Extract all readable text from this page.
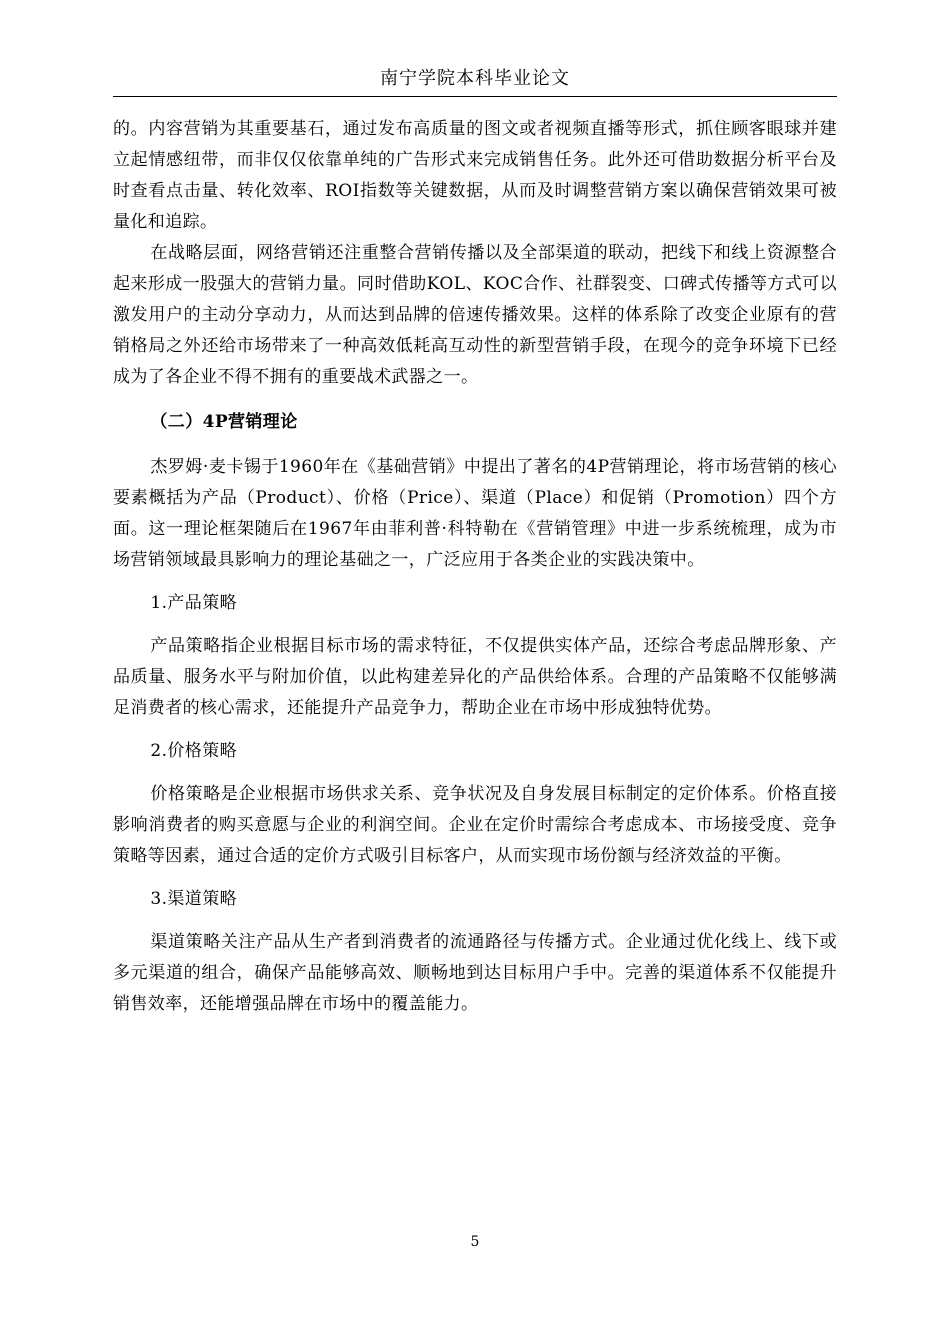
南宁学院本科毕业论文

的。内容营销为其重要基石，通过发布高质量的图文或者视频直播等形式，抓住顾客眼球并建立起情感纽带，而非仅仅依靠单纯的广告形式来完成销售任务。此外还可借助数据分析平台及时查看点击量、转化效率、ROI指数等关键数据，从而及时调整营销方案以确保营销效果可被量化和追踪。

在战略层面，网络营销还注重整合营销传播以及全部渠道的联动，把线下和线上资源整合起来形成一股强大的营销力量。同时借助KOL、KOC合作、社群裂变、口碑式传播等方式可以激发用户的主动分享动力，从而达到品牌的倍速传播效果。这样的体系除了改变企业原有的营销格局之外还给市场带来了一种高效低耗高互动性的新型营销手段，在现今的竞争环境下已经成为了各企业不得不拥有的重要战术武器之一。

（二）4P营销理论

杰罗姆·麦卡锡于1960年在《基础营销》中提出了著名的4P营销理论，将市场营销的核心要素概括为产品（Product）、价格（Price）、渠道（Place）和促销（Promotion）四个方面。这一理论框架随后在1967年由菲利普·科特勒在《营销管理》中进一步系统梳理，成为市场营销领域最具影响力的理论基础之一，广泛应用于各类企业的实践决策中。

1.产品策略

产品策略指企业根据目标市场的需求特征，不仅提供实体产品，还综合考虑品牌形象、产品质量、服务水平与附加价值，以此构建差异化的产品供给体系。合理的产品策略不仅能够满足消费者的核心需求，还能提升产品竞争力，帮助企业在市场中形成独特优势。

2.价格策略

价格策略是企业根据市场供求关系、竞争状况及自身发展目标制定的定价体系。价格直接影响消费者的购买意愿与企业的利润空间。企业在定价时需综合考虑成本、市场接受度、竞争策略等因素，通过合适的定价方式吸引目标客户，从而实现市场份额与经济效益的平衡。

3.渠道策略

渠道策略关注产品从生产者到消费者的流通路径与传播方式。企业通过优化线上、线下或多元渠道的组合，确保产品能够高效、顺畅地到达目标用户手中。完善的渠道体系不仅能提升销售效率，还能增强品牌在市场中的覆盖能力。

5
